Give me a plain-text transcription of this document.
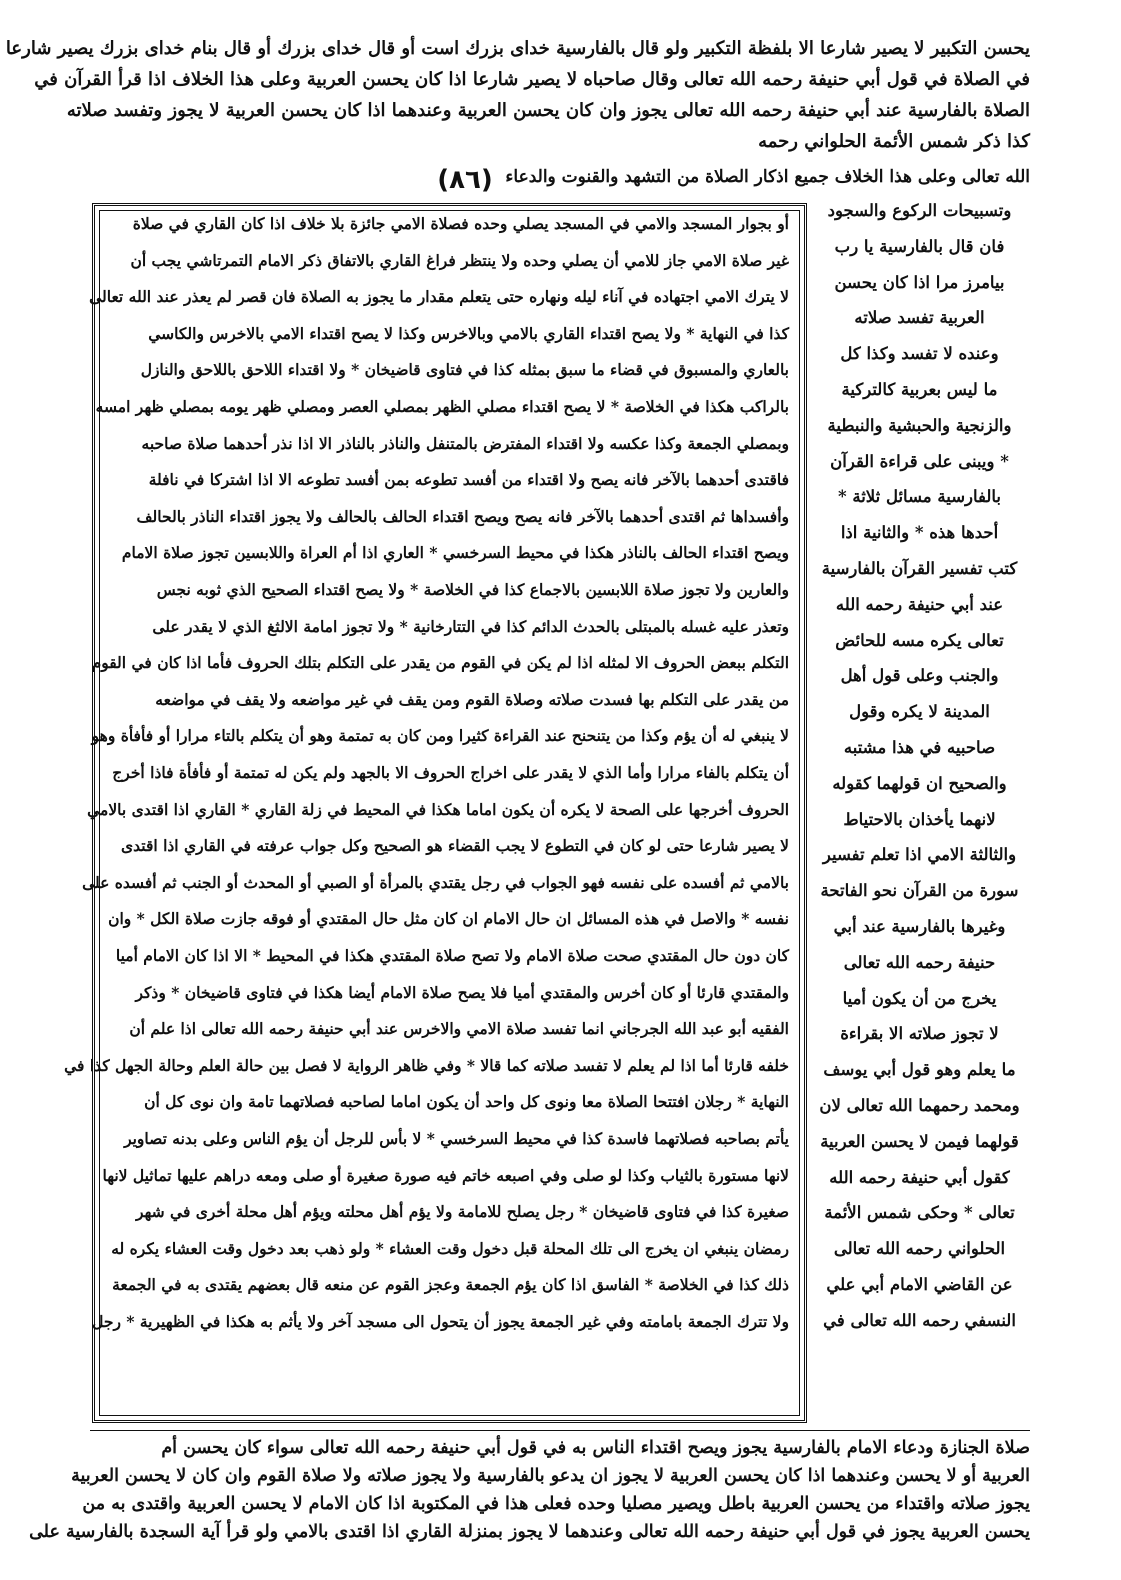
يحسن التكبير لا يصير شارعا الا بلفظة التكبير ولو قال بالفارسية خداى بزرك است أو قال خداى بزرك أو قال بنام خداى بزرك يصير شارعا
في الصلاة في قول أبي حنيفة رحمه الله تعالى وقال صاحباه لا يصير شارعا اذا كان يحسن العربية وعلى هذا الخلاف اذا قرأ القرآن في
الصلاة بالفارسية عند أبي حنيفة رحمه الله تعالى يجوز وان كان يحسن العربية وعندهما اذا كان يحسن العربية لا يجوز وتفسد صلاته
كذا ذكر شمس الأئمة الحلواني رحمه
الله تعالى وعلى هذا الخلاف جميع اذكار الصلاة من التشهد والقنوت والدعاء
(٨٦)
أو بجوار المسجد والامي في المسجد يصلي وحده فصلاة الامي جائزة بلا خلاف اذا كان القاري في صلاة
غير صلاة الامي جاز للامي أن يصلي وحده ولا ينتظر فراغ القاري بالاتفاق ذكر الامام التمرتاشي يجب أن
لا يترك الامي اجتهاده في آناء ليله ونهاره حتى يتعلم مقدار ما يجوز به الصلاة فان قصر لم يعذر عند الله تعالى
كذا في النهاية * ولا يصح اقتداء القاري بالامي وبالاخرس وكذا لا يصح اقتداء الامي بالاخرس والكاسي
بالعاري والمسبوق في قضاء ما سبق بمثله كذا في فتاوى قاضيخان * ولا اقتداء اللاحق باللاحق والنازل
بالراكب هكذا في الخلاصة * لا يصح اقتداء مصلي الظهر بمصلي العصر ومصلي ظهر يومه بمصلي ظهر امسه
وبمصلي الجمعة وكذا عكسه ولا اقتداء المفترض بالمتنفل والناذر بالناذر الا اذا نذر أحدهما صلاة صاحبه
فاقتدى أحدهما بالآخر فانه يصح ولا اقتداء من أفسد تطوعه بمن أفسد تطوعه الا اذا اشتركا في نافلة
وأفسداها ثم اقتدى أحدهما بالآخر فانه يصح ويصح اقتداء الحالف بالحالف ولا يجوز اقتداء الناذر بالحالف
ويصح اقتداء الحالف بالناذر هكذا في محيط السرخسي * العاري اذا أم العراة واللابسين تجوز صلاة الامام
والعارين ولا تجوز صلاة اللابسين بالاجماع كذا في الخلاصة * ولا يصح اقتداء الصحيح الذي ثوبه نجس
وتعذر عليه غسله بالمبتلى بالحدث الدائم كذا في التتارخانية * ولا تجوز امامة الالثغ الذي لا يقدر على
التكلم ببعض الحروف الا لمثله اذا لم يكن في القوم من يقدر على التكلم بتلك الحروف فأما اذا كان في القوم
من يقدر على التكلم بها فسدت صلاته وصلاة القوم ومن يقف في غير مواضعه ولا يقف في مواضعه
لا ينبغي له أن يؤم وكذا من يتنحنح عند القراءة كثيرا ومن كان به تمتمة وهو أن يتكلم بالتاء مرارا أو فأفأة وهو
أن يتكلم بالفاء مرارا وأما الذي لا يقدر على اخراج الحروف الا بالجهد ولم يكن له تمتمة أو فأفأة فاذا أخرج
الحروف أخرجها على الصحة لا يكره أن يكون اماما هكذا في المحيط في زلة القاري * القاري اذا اقتدى بالامي
لا يصير شارعا حتى لو كان في التطوع لا يجب القضاء هو الصحيح وكل جواب عرفته في القاري اذا اقتدى
بالامي ثم أفسده على نفسه فهو الجواب في رجل يقتدي بالمرأة أو الصبي أو المحدث أو الجنب ثم أفسده على
نفسه * والاصل في هذه المسائل ان حال الامام ان كان مثل حال المقتدي أو فوقه جازت صلاة الكل * وان
كان دون حال المقتدي صحت صلاة الامام ولا تصح صلاة المقتدي هكذا في المحيط * الا اذا كان الامام أميا
والمقتدي قارئا أو كان أخرس والمقتدي أميا فلا يصح صلاة الامام أيضا هكذا في فتاوى قاضيخان * وذكر
الفقيه أبو عبد الله الجرجاني انما تفسد صلاة الامي والاخرس عند أبي حنيفة رحمه الله تعالى اذا علم أن
خلفه قارئا أما اذا لم يعلم لا تفسد صلاته كما قالا * وفي ظاهر الرواية لا فصل بين حالة العلم وحالة الجهل كذا في
النهاية * رجلان افتتحا الصلاة معا ونوى كل واحد أن يكون اماما لصاحبه فصلاتهما تامة وان نوى كل أن
يأتم بصاحبه فصلاتهما فاسدة كذا في محيط السرخسي * لا بأس للرجل أن يؤم الناس وعلى بدنه تصاوير
لانها مستورة بالثياب وكذا لو صلى وفي اصبعه خاتم فيه صورة صغيرة أو صلى ومعه دراهم عليها تماثيل لانها
صغيرة كذا في فتاوى قاضيخان * رجل يصلح للامامة ولا يؤم أهل محلته ويؤم أهل محلة أخرى في شهر
رمضان ينبغي ان يخرج الى تلك المحلة قبل دخول وقت العشاء * ولو ذهب بعد دخول وقت العشاء يكره له
ذلك كذا في الخلاصة * الفاسق اذا كان يؤم الجمعة وعجز القوم عن منعه قال بعضهم يقتدى به في الجمعة
ولا تترك الجمعة بامامته وفي غير الجمعة يجوز أن يتحول الى مسجد آخر ولا يأثم به هكذا في الظهيرية * رجل
وتسبيحات الركوع والسجود
فان قال بالفارسية يا رب
بيامرز مرا اذا كان يحسن
العربية تفسد صلاته
وعنده لا تفسد وكذا كل
ما ليس بعربية كالتركية
والزنجية والحبشية والنبطية
* ويبنى على قراءة القرآن
بالفارسية مسائل ثلاثة *
أحدها هذه * والثانية اذا
كتب تفسير القرآن بالفارسية
عند أبي حنيفة رحمه الله
تعالى يكره مسه للحائض
والجنب وعلى قول أهل
المدينة لا يكره وقول
صاحبيه في هذا مشتبه
والصحيح ان قولهما كقوله
لانهما يأخذان بالاحتياط
والثالثة الامي اذا تعلم تفسير
سورة من القرآن نحو الفاتحة
وغيرها بالفارسية عند أبي
حنيفة رحمه الله تعالى
يخرج من أن يكون أميا
لا تجوز صلاته الا بقراءة
ما يعلم وهو قول أبي يوسف
ومحمد رحمهما الله تعالى لان
قولهما فيمن لا يحسن العربية
كقول أبي حنيفة رحمه الله
تعالى * وحكى شمس الأئمة
الحلواني رحمه الله تعالى
عن القاضي الامام أبي علي
النسفي رحمه الله تعالى في
صلاة الجنازة ودعاء الامام بالفارسية يجوز ويصح اقتداء الناس به في قول أبي حنيفة رحمه الله تعالى سواء كان يحسن أم
العربية أو لا يحسن وعندهما اذا كان يحسن العربية لا يجوز ان يدعو بالفارسية ولا يجوز صلاته ولا صلاة القوم وان كان لا يحسن العربية
يجوز صلاته واقتداء من يحسن العربية باطل ويصير مصليا وحده فعلى هذا في المكتوبة اذا كان الامام لا يحسن العربية واقتدى به من
يحسن العربية يجوز في قول أبي حنيفة رحمه الله تعالى وعندهما لا يجوز بمنزلة القاري اذا اقتدى بالامي ولو قرأ آية السجدة بالفارسية على
